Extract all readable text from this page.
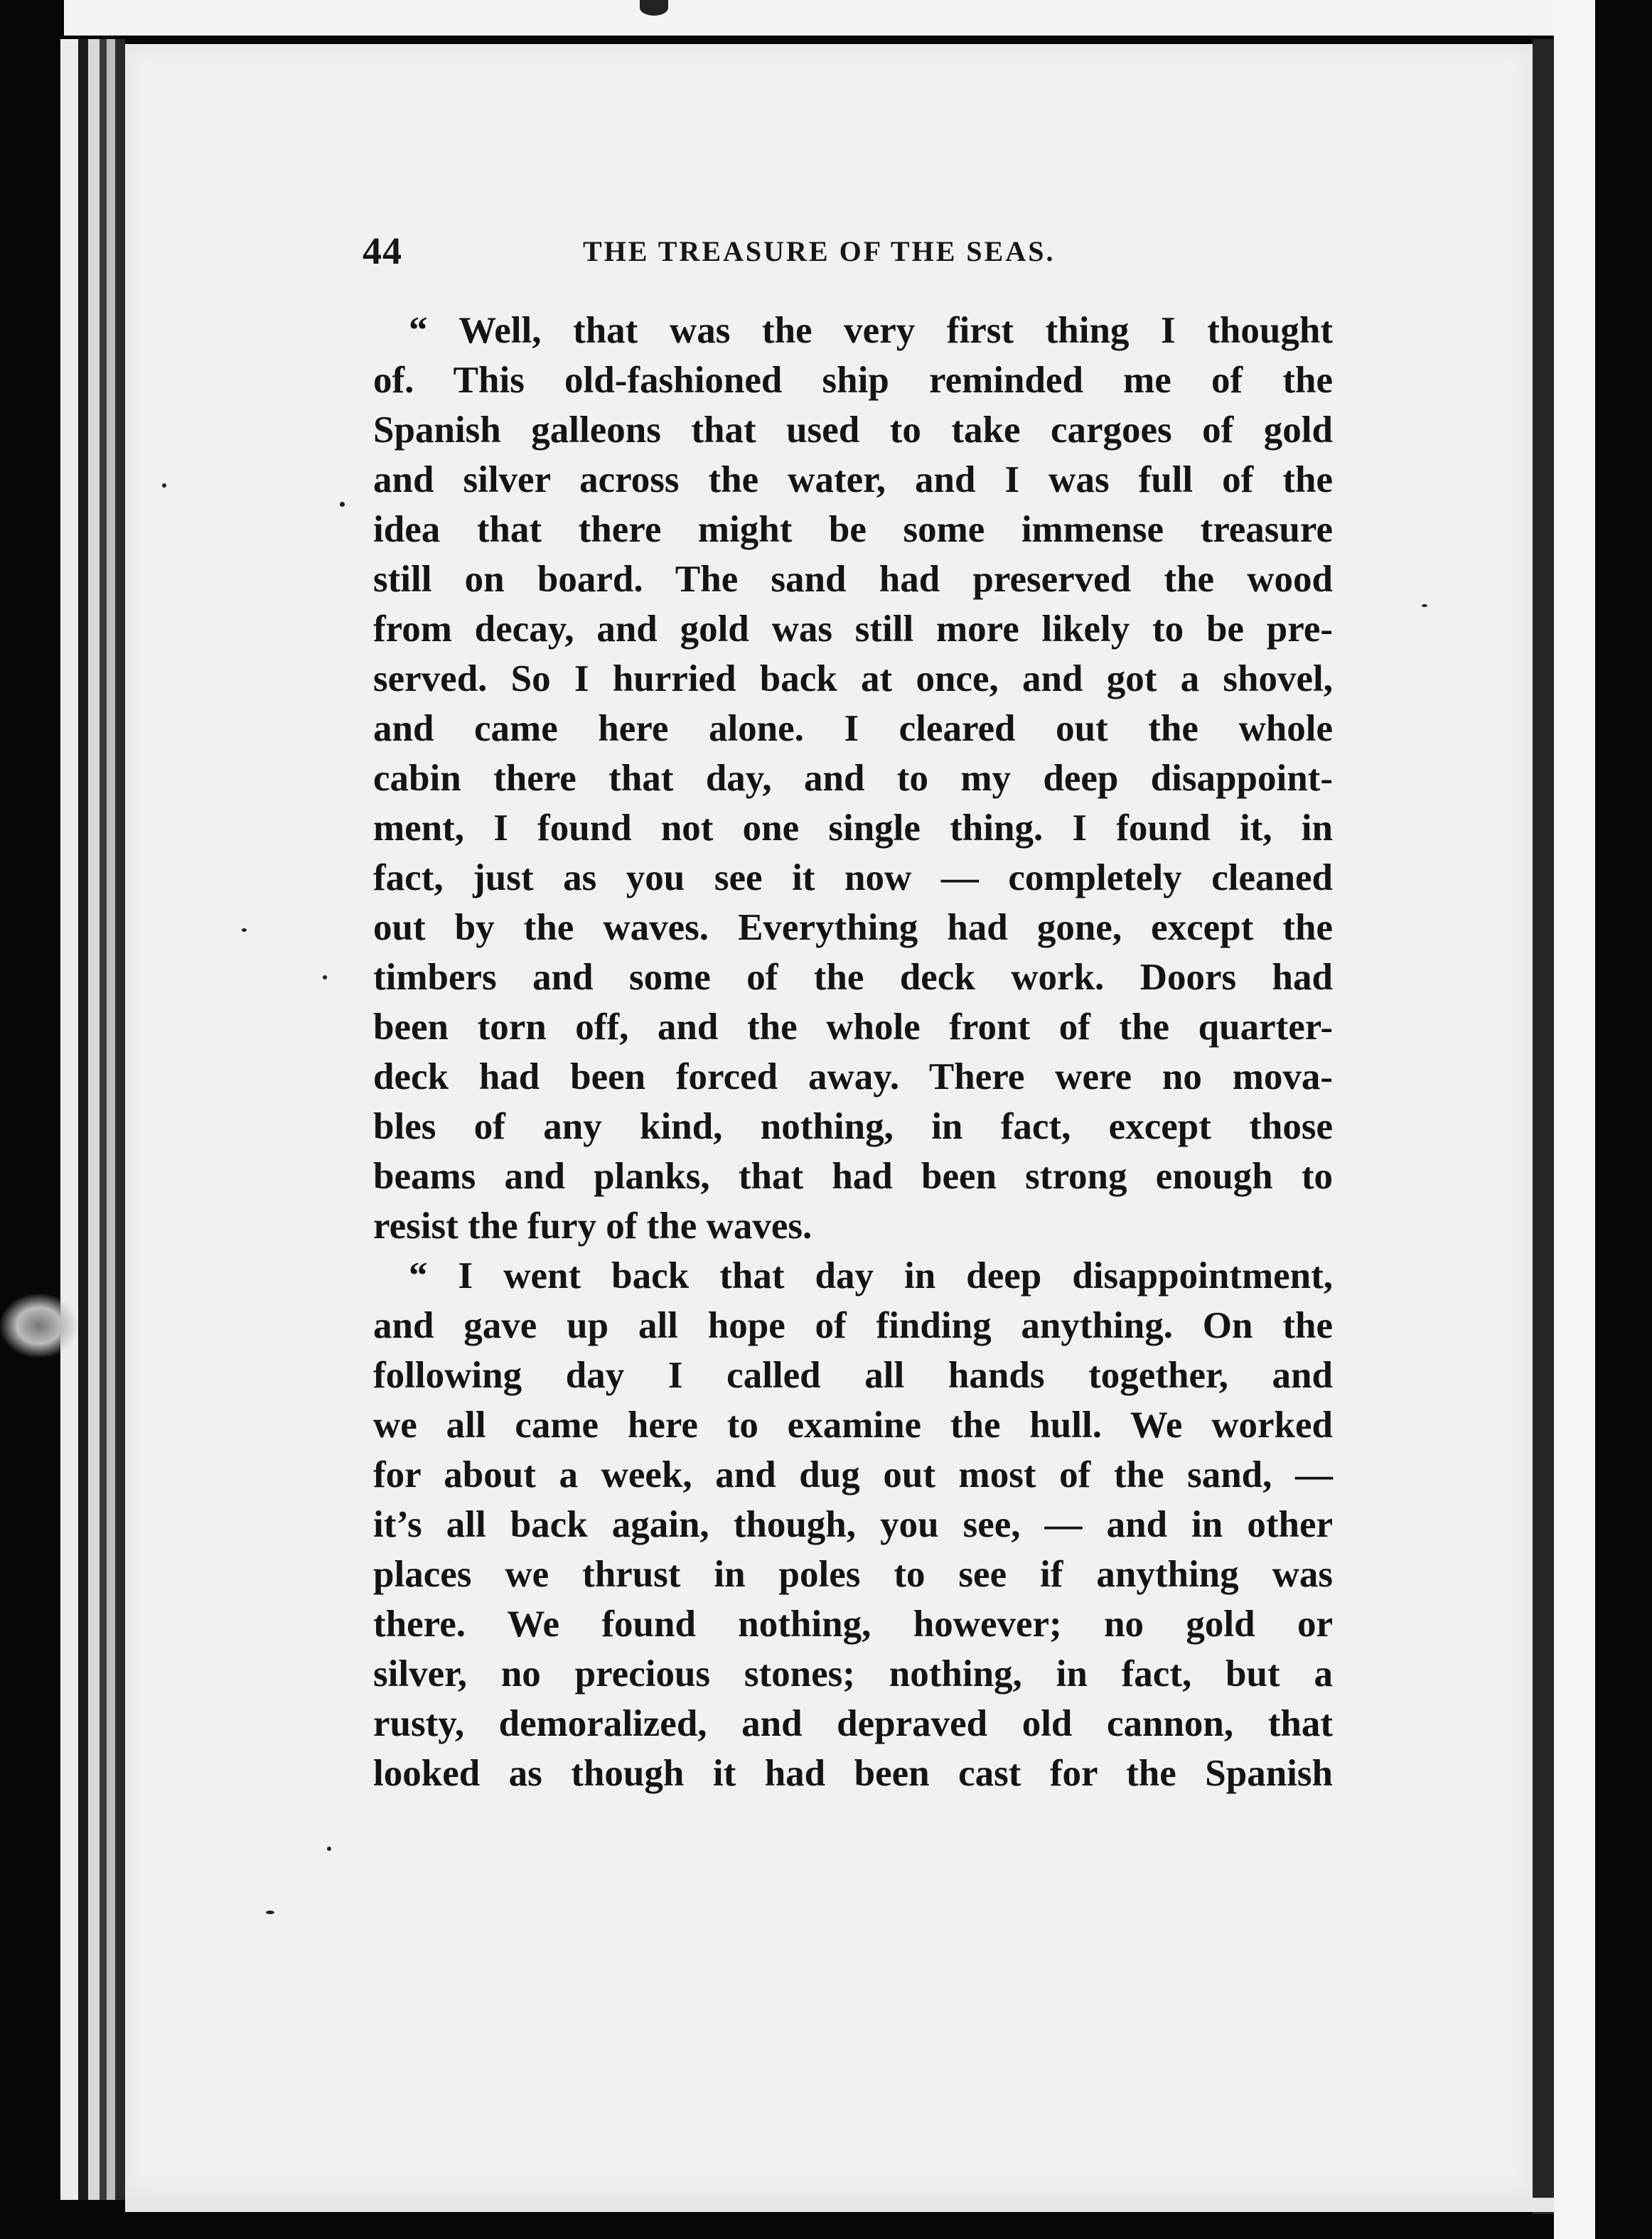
44	THE TREASURE OF THE SEAS.
“ Well, that was the very first thing I thought
of. This old-fashioned ship reminded me of the
Spanish galleons that used to take cargoes of gold
and silver across the water, and I was full of the
idea that there might be some immense treasure
still on board. The sand had preserved the wood
from decay, and gold was still more likely to be pre-
served. So I hurried back at once, and got a shovel,
and came here alone. I cleared out the whole
cabin there that day, and to my deep disappoint-
ment, I found not one single thing. I found it, in
fact, just as you see it now — completely cleaned
out by the waves. Everything had gone, except the
timbers and some of the deck work. Doors had
been torn off, and the whole front of the quarter-
deck had been forced away. There were no mova-
bles of any kind, nothing, in fact, except those
beams and planks, that had been strong enough to
resist the fury of the waves.
“ I went back that day in deep disappointment,
and gave up all hope of finding anything. On the
following day I called all hands together, and
we all came here to examine the hull. We worked
for about a week, and dug out most of the sand, —
it’s all back again, though, you see, — and in other
places we thrust in poles to see if anything was
there. We found nothing, however; no gold or
silver, no precious stones; nothing, in fact, but a
rusty, demoralized, and depraved old cannon, that
looked as though it had been cast for the Spanish
